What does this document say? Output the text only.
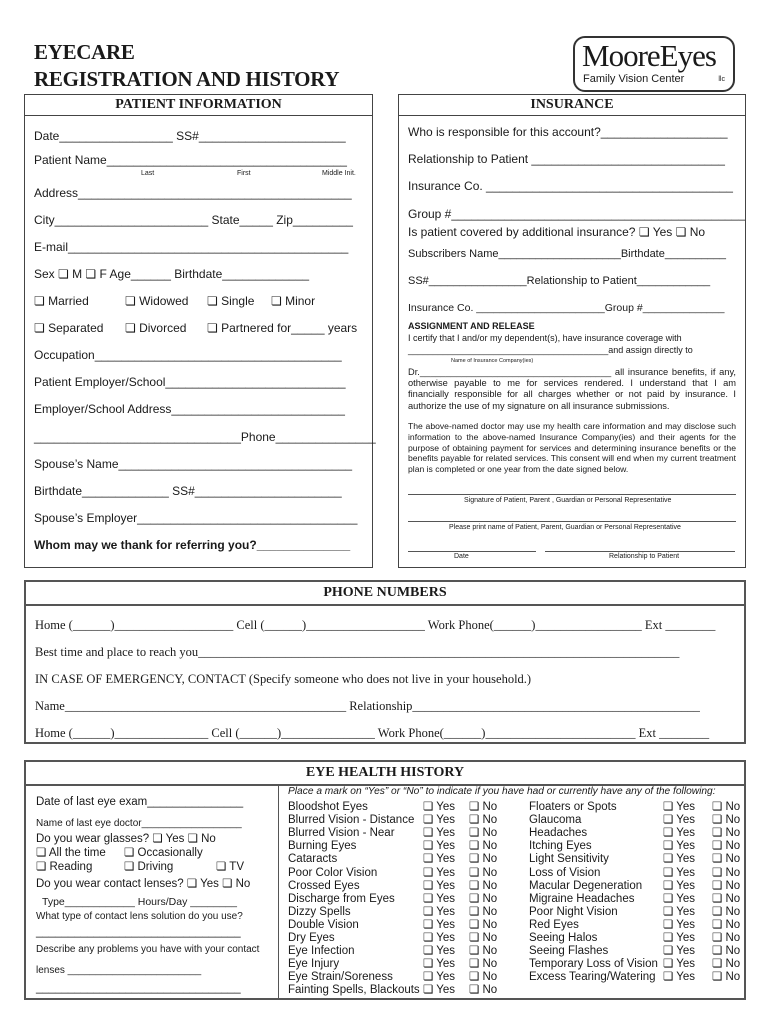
EYECARE
REGISTRATION AND HISTORY
MooreEyes
Family Vision Center	llc
PATIENT INFORMATION
Date_________________ SS#______________________
Patient Name____________________________________
Last	First	Middle Init.
Address_________________________________________
City_______________________ State_____ Zip_________
E-mail__________________________________________
Sex ❏ M ❏ F Age______ Birthdate_____________
❏ Married	❏ Widowed ❏ Single ❏ Minor
❏ Separated ❏ Divorced ❏ Partnered for_____ years
Occupation_____________________________________
Patient Employer/School___________________________
Employer/School Address__________________________
_______________________________Phone_______________
Spouse’s Name___________________________________
Birthdate_____________ SS#______________________
Spouse’s Employer_________________________________
Whom may we thank for referring you?______________
INSURANCE
Who is responsible for this account?___________________
Relationship to Patient _____________________________
Insurance Co. _____________________________________
Group #____________________________________________
Is patient covered by additional insurance? ❏ Yes ❏ No
Subscribers Name____________________Birthdate__________
SS#________________Relationship to Patient____________
Insurance Co. ______________________Group #______________
ASSIGNMENT AND RELEASE
I certify that I and/or my dependent(s), have insurance coverage with
________________________________________and assign directly to
Name of Insurance Company(ies)
Dr._____________________________________ all insurance benefits, if any, otherwise payable to me for services rendered. I understand that I am financially responsible for all charges whether or not paid by insurance. I authorize the use of my signature on all insurance submissions.
The above-named doctor may use my health care information and may disclose such information to the above-named Insurance Company(ies) and their agents for the purpose of obtaining payment for services and determining insurance benefits or the benefits payable for related services. This consent will end when my current treatment plan is completed or one year from the date signed below.
Signature of Patient, Parent , Guardian or Personal Representative
Please print name of Patient, Parent, Guardian or Personal Representative
Date	Relationship to Patient
PHONE NUMBERS
Home (______)___________________ Cell (______)___________________ Work Phone(______)_________________ Ext ________
Best time and place to reach you_____________________________________________________________________________
IN CASE OF EMERGENCY, CONTACT (Specify someone who does not live in your household.)
Name_____________________________________________ Relationship______________________________________________
Home (______)_______________ Cell (______)_______________ Work Phone(______)________________________ Ext ________
EYE HEALTH HISTORY
Date of last eye exam_______________
Name of last eye doctor__________________
Do you wear glasses? ❏ Yes ❏ No
❏ All the time ❏ Occasionally
❏ Reading	❏ Driving	❏ TV
Do you wear contact lenses? ❏ Yes ❏ No
Type____________ Hours/Day ________
What type of contact lens solution do you use?
________________________________
Describe any problems you have with your contact
lenses ________________________
________________________________
Place a mark on “Yes” or “No” to indicate if you have had or currently have any of the following:
Bloodshot Eyes	❏ Yes ❏ No
Blurred Vision - Distance ❏ Yes ❏ No
Blurred Vision - Near ❏ Yes ❏ No
Burning Eyes	❏ Yes ❏ No
Cataracts	❏ Yes ❏ No
Poor Color Vision	❏ Yes ❏ No
Crossed Eyes	❏ Yes ❏ No
Discharge from Eyes ❏ Yes ❏ No
Dizzy Spells	❏ Yes ❏ No
Double Vision	❏ Yes ❏ No
Dry Eyes	❏ Yes ❏ No
Eye Infection	❏ Yes ❏ No
Eye Injury	❏ Yes ❏ No
Eye Strain/Soreness	❏ Yes ❏ No
Fainting Spells, Blackouts ❏ Yes ❏ No
Floaters or Spots	❏ Yes ❏ No
Glaucoma	❏ Yes ❏ No
Headaches	❏ Yes ❏ No
Itching Eyes	❏ Yes ❏ No
Light Sensitivity	❏ Yes ❏ No
Loss of Vision	❏ Yes ❏ No
Macular Degeneration ❏ Yes ❏ No
Migraine Headaches ❏ Yes ❏ No
Poor Night Vision	❏ Yes ❏ No
Red Eyes	❏ Yes ❏ No
Seeing Halos	❏ Yes ❏ No
Seeing Flashes	❏ Yes ❏ No
Temporary Loss of Vision ❏ Yes ❏ No
Excess Tearing/Watering ❏ Yes ❏ No
